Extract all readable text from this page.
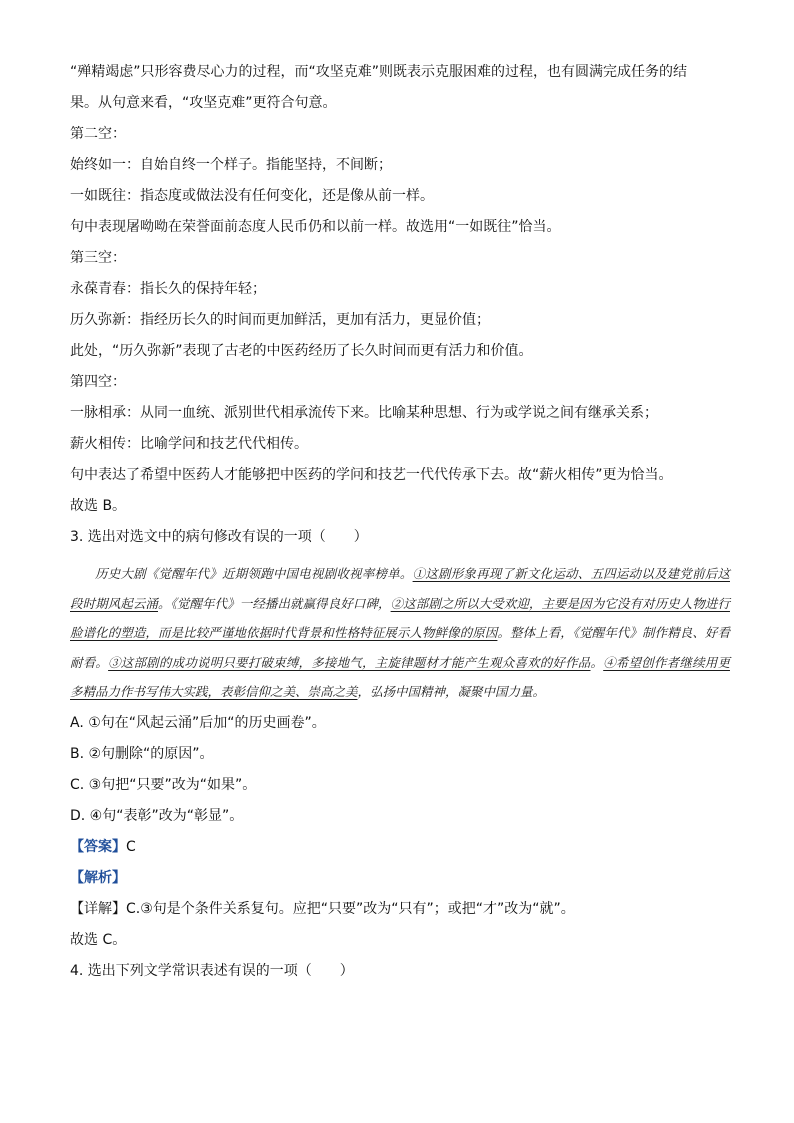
“殚精竭虑”只形容费尽心力的过程，而“攻坚克难”则既表示克服困难的过程，也有圆满完成任务的结

果。从句意来看，“攻坚克难”更符合句意。

第二空：

始终如一：自始自终一个样子。指能坚持，不间断；

一如既往：指态度或做法没有任何变化，还是像从前一样。

句中表现屠呦呦在荣誉面前态度人民币仍和以前一样。故选用“一如既往”恰当。

第三空：

永葆青春：指长久的保持年轻；

历久弥新：指经历长久的时间而更加鲜活，更加有活力，更显价值；

此处，“历久弥新”表现了古老的中医药经历了长久时间而更有活力和价值。

第四空：

一脉相承：从同一血统、派别世代相承流传下来。比喻某种思想、行为或学说之间有继承关系；

薪火相传：比喻学问和技艺代代相传。

句中表达了希望中医药人才能够把中医药的学问和技艺一代代传承下去。故“薪火相传”更为恰当。

故选 B。

3. 选出对选文中的病句修改有误的一项（　　）

历史大剧《觉醒年代》近期领跑中国电视剧收视率榜单。①这剧形象再现了新文化运动、五四运动以及建党前后这段时期风起云涌。《觉醒年代》一经播出就赢得良好口碑，②这部剧之所以大受欢迎，主要是因为它没有对历史人物进行脸谱化的塑造，而是比较严谨地依据时代背景和性格特征展示人物鲜像的原因。整体上看，《觉醒年代》制作精良、好看耐看。③这部剧的成功说明只要打破束缚，多接地气，主旋律题材才能产生观众喜欢的好作品。④希望创作者继续用更多精品力作书写伟大实践，表彰信仰之美、崇高之美，弘扬中国精神，凝聚中国力量。

A. ①句在“风起云涌”后加“的历史画卷”。

B. ②句删除“的原因”。

C. ③句把“只要”改为“如果”。

D. ④句“表彰”改为“彰显”。

【答案】C

【解析】

【详解】C.③句是个条件关系复句。应把“只要”改为“只有”；或把“才”改为“就”。

故选 C。

4. 选出下列文学常识表述有误的一项（　　）
